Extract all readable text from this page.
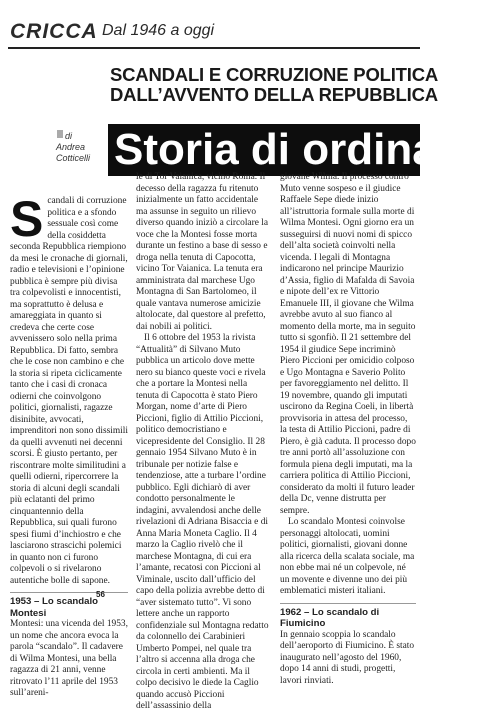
CRICCA Dal 1946 a oggi
SCANDALI E CORRUZIONE POLITICA
DALL’AVVENTO DELLA REPUBBLICA
di
Andrea
Cotticelli Storia di ordinaria
S candali di corruzione politica e a sfondo sessuale così come della cosiddetta seconda Repubblica riempiono da mesi le cronache di giornali, radio e televisioni e l’opinione pubblica è sempre più divisa tra colpevolisti e innocentisti, ma soprattutto è delusa e amareggiata in quanto si credeva che certe cose avvenissero solo nella prima Repubblica. Di fatto, sembra che le cose non cambino e che la storia si ripeta ciclicamente tanto che i casi di cronaca odierni che coinvolgono politici, giornalisti, ragazze disinibite, avvocati, imprenditori non sono dissimili da quelli avvenuti nei decenni scorsi. È giusto pertanto, per riscontrare molte similitudini a quelli odierni, ripercorrere la storia di alcuni degli scandali più eclatanti del primo cinquantennio della Repubblica, sui quali furono spesi fiumi d’inchiostro e che lasciarono strascichi polemici in quanto non ci furono colpevoli o si rivelarono autentiche bolle di sapone.

1953 – Lo scandalo Montesi

Montesi: una vicenda del 1953, un nome che ancora evoca la parola “scandalo”. Il cadavere di Wilma Montesi, una bella ragazza di 21 anni, venne ritrovato l’11 aprile del 1953 sull’areni-

le di Tor Vaianica, vicino Roma. Il decesso della ragazza fu ritenuto inizialmente un fatto accidentale ma assunse in seguito un rilievo diverso quando iniziò a circolare la voce che la Montesi fosse morta durante un festino a base di sesso e droga nella tenuta di Capocotta, vicino Tor Vaianica. La tenuta era amministrata dal marchese Ugo Montagna di San Bartolomeo, il quale vantava numerose amicizie altolocate, dal questore al prefetto, dai nobili ai politici.

Il 6 ottobre del 1953 la rivista “Attualità” di Silvano Muto pubblica un articolo dove mette nero su bianco queste voci e rivela che a portare la Montesi nella tenuta di Capocotta è stato Piero Morgan, nome d’arte di Piero Piccioni, figlio di Attilio Piccioni, politico democristiano e vicepresidente del Consiglio. Il 28 gennaio 1954 Silvano Muto è in tribunale per notizie false e tendenziose, atte a turbare l’ordine pubblico. Egli dichiarò di aver condotto personalmente le indagini, avvalendosi anche delle rivelazioni di Adriana Bisaccia e di Anna Maria Moneta Caglio. Il 4 marzo la Caglio rivelò che il marchese Montagna, di cui era l’amante, recatosi con Piccioni al Viminale, uscito dall’ufficio del capo della polizia avrebbe detto di “aver sistemato tutto”. Vi sono lettere anche un rapporto confidenziale sul Montagna redatto da colonnello dei Carabinieri Umberto Pompei, nel quale tra l’altro si accenna alla droga che circola in certi ambienti. Ma il colpo decisivo le diede la Caglio quando accusò Piccioni dell’assassinio della

giovane Wilma. Il processo contro Muto venne sospeso e il giudice Raffaele Sepe diede inizio all’istruttoria formale sulla morte di Wilma Montesi. Ogni giorno era un susseguirsi di nuovi nomi di spicco dell’alta società coinvolti nella vicenda. I legali di Montagna indicarono nel principe Maurizio d’Assia, figlio di Mafalda di Savoia e nipote dell’ex re Vittorio Emanuele III, il giovane che Wilma avrebbe avuto al suo fianco al momento della morte, ma in seguito tutto si sgonfiò. Il 21 settembre del 1954 il giudice Sepe incriminò Piero Piccioni per omicidio colposo e Ugo Montagna e Saverio Polito per favoreggiamento nel delitto. Il 19 novembre, quando gli imputati uscirono da Regina Coeli, in libertà provvisoria in attesa del processo, la testa di Attilio Piccioni, padre di Piero, è già caduta. Il processo dopo tre anni portò all’assoluzione con formula piena degli imputati, ma la carriera politica di Attilio Piccioni, considerato da molti il futuro leader della Dc, venne distrutta per sempre.

Lo scandalo Montesi coinvolse personaggi altolocati, uomini politici, giornalisti, giovani donne alla ricerca della scalata sociale, ma non ebbe mai né un colpevole, né un movente e divenne uno dei più emblematici misteri italiani.

1962 – Lo scandalo di Fiumicino

In gennaio scoppia lo scandalo dell’aeroporto di Fiumicino. È stato inaugurato nell’agosto del 1960, dopo 14 anni di studi, progetti, lavori rinviati.

56
